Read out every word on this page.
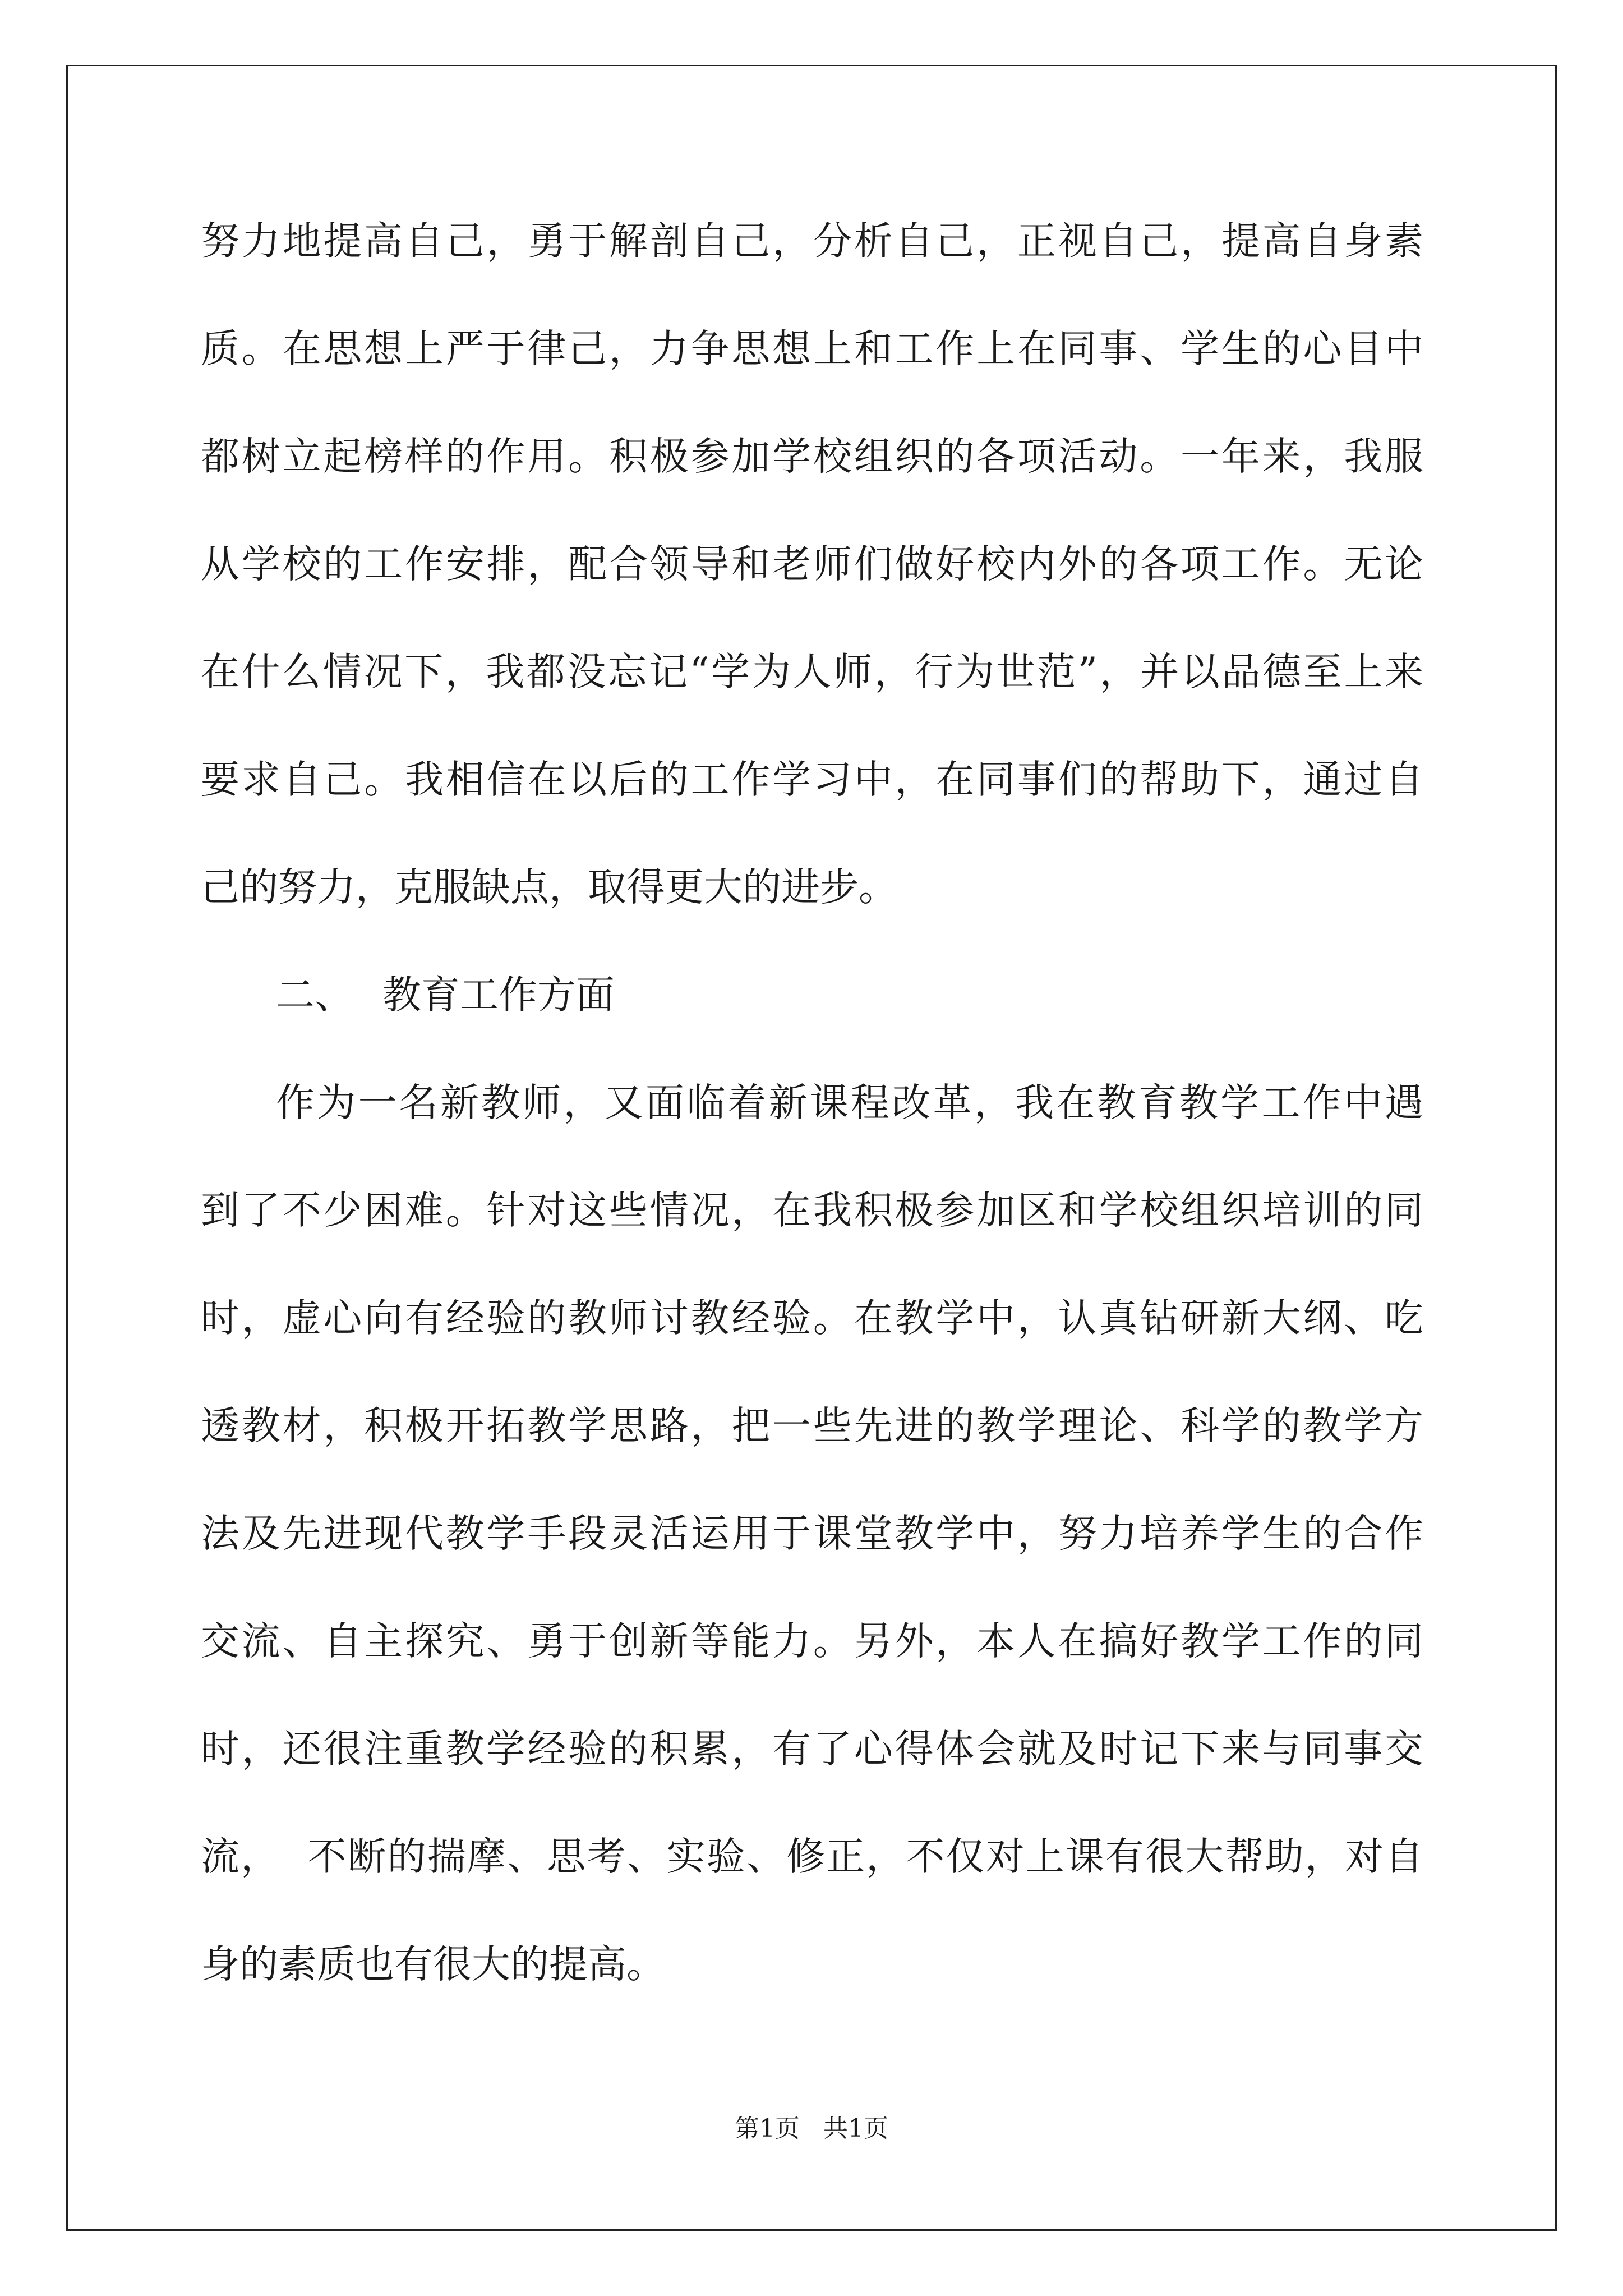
努力地提高自己，勇于解剖自己，分析自己，正视自己，提高自身素
质。在思想上严于律己，力争思想上和工作上在同事、学生的心目中
都树立起榜样的作用。积极参加学校组织的各项活动。一年来，我服
从学校的工作安排，配合领导和老师们做好校内外的各项工作。无论
在什么情况下，我都没忘记“学为人师，行为世范”，并以品德至上来
要求自己。我相信在以后的工作学习中，在同事们的帮助下，通过自
己的努力，克服缺点，取得更大的进步。
二、 教育工作方面
作为一名新教师，又面临着新课程改革，我在教育教学工作中遇
到了不少困难。针对这些情况，在我积极参加区和学校组织培训的同
时，虚心向有经验的教师讨教经验。在教学中，认真钻研新大纲、吃
透教材，积极开拓教学思路，把一些先进的教学理论、科学的教学方
法及先进现代教学手段灵活运用于课堂教学中，努力培养学生的合作
交流、自主探究、勇于创新等能力。另外，本人在搞好教学工作的同
时，还很注重教学经验的积累，有了心得体会就及时记下来与同事交
流，  不断的揣摩、思考、实验、修正，不仅对上课有很大帮助，对自
身的素质也有很大的提高。
第1页   共1页
